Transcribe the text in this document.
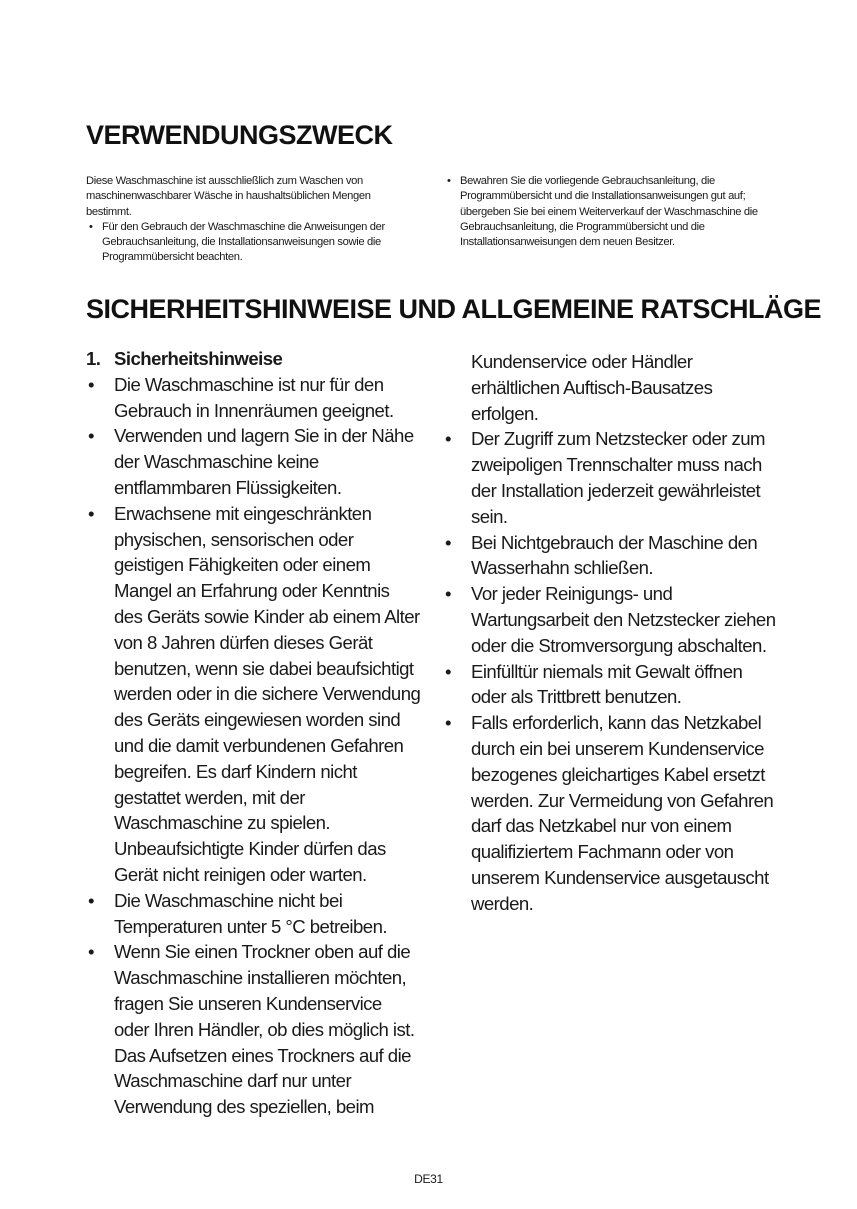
VERWENDUNGSZWECK

Diese Waschmaschine ist ausschließlich zum Waschen von maschinenwaschbarer Wäsche in haushaltsüblichen Mengen bestimmt.

• Für den Gebrauch der Waschmaschine die Anweisungen der Gebrauchsanleitung, die Installationsanweisungen sowie die Programmübersicht beachten.
• Bewahren Sie die vorliegende Gebrauchsanleitung, die Programmübersicht und die Installationsanweisungen gut auf; übergeben Sie bei einem Weiterverkauf der Waschmaschine die Gebrauchsanleitung, die Programmübersicht und die Installationsanweisungen dem neuen Besitzer.
SICHERHEITSHINWEISE UND ALLGEMEINE RATSCHLÄGE
1. Sicherheitshinweise
• Die Waschmaschine ist nur für den Gebrauch in Innenräumen geeignet.
• Verwenden und lagern Sie in der Nähe der Waschmaschine keine entflammbaren Flüssigkeiten.
• Erwachsene mit eingeschränkten physischen, sensorischen oder geistigen Fähigkeiten oder einem Mangel an Erfahrung oder Kenntnis des Geräts sowie Kinder ab einem Alter von 8 Jahren dürfen dieses Gerät benutzen, wenn sie dabei beaufsichtigt werden oder in die sichere Verwendung des Geräts eingewiesen worden sind und die damit verbundenen Gefahren begreifen. Es darf Kindern nicht gestattet werden, mit der Waschmaschine zu spielen. Unbeaufsichtigte Kinder dürfen das Gerät nicht reinigen oder warten.
• Die Waschmaschine nicht bei Temperaturen unter 5 °C betreiben.
• Wenn Sie einen Trockner oben auf die Waschmaschine installieren möchten, fragen Sie unseren Kundenservice oder Ihren Händler, ob dies möglich ist. Das Aufsetzen eines Trockners auf die Waschmaschine darf nur unter Verwendung des speziellen, beim
Kundenservice oder Händler erhältlichen Auftisch-Bausatzes erfolgen.
• Der Zugriff zum Netzstecker oder zum zweipoligen Trennschalter muss nach der Installation jederzeit gewährleistet sein.
• Bei Nichtgebrauch der Maschine den Wasserhahn schließen.
• Vor jeder Reinigungs- und Wartungsarbeit den Netzstecker ziehen oder die Stromversorgung abschalten.
• Einfülltür niemals mit Gewalt öffnen oder als Trittbrett benutzen.
• Falls erforderlich, kann das Netzkabel durch ein bei unserem Kundenservice bezogenes gleichartiges Kabel ersetzt werden. Zur Vermeidung von Gefahren darf das Netzkabel nur von einem qualifiziertem Fachmann oder von unserem Kundenservice ausgetauscht werden.
DE31
